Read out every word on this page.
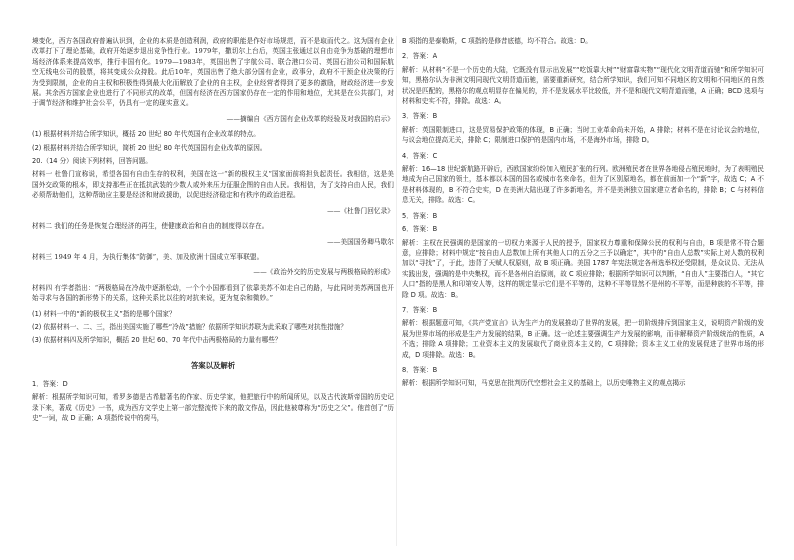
境变化，西方各国政府普遍认识到，企业的本质是创造利润，政府的职能是作好市场规范，而不是取而代之。这为国有企业改革打下了理论基础，政府开始逐步退出竞争性行业。1979年，撒切尔上台后，英国主张通过以自由竞争为基础的理想市场经济体系来提高效率，推行非国有化。1979—1983年，英国出售了宇航公司、联合港口公司、英国石油公司和国际航空无线电公司的股票，将其变成公众持股。此后10年，英国出售了绝大部分国有企业，政事分，政府不干预企业决策的行为受到限制，企业的自主权和积极性得到最大化而解放了企业的自主权，企业经营者得到了更多的激励，财政经济进一步发展。其余西方国家企业也进行了不同形式的改革，但国有经济在西方国家仍存在一定的作用和地位，尤其是在公共部门，对于调节经济和维护社会公平，仍具有一定的现实意义。

——摘编自《西方国有企业改革的经验及对我国的启示》

(1) 根据材料并结合所学知识，概括 20 世纪 80 年代英国有企业改革的特点。

(2) 根据材料并结合所学知识，简析 20 世纪 80 年代英国国有企业改革的原因。

20.（14 分）阅读下列材料，回答问题。

材料一 杜鲁门宣称说，希望各国有自由生存的权利，美国在这一“新的极权主义”国家面前将担负起责任。我相信，这是美国外交政策的根本，即支持那些正在抵抗武装的少数人或外来压力征服企图的自由人民。我相信，为了支持自由人民，我们必须帮助他们，这种帮助应主要是经济和财政援助，以促进经济稳定和有秩序的政治进程。

——《杜鲁门回忆录》

材料二 我们的任务是恢复合理经济的再生，使健康政治和自由的制度得以存在。

——美国国务卿马歇尔

材料三 1949 年 4 月，为执行集体“防御”，美、加及欧洲十国成立军事联盟。

——《政治外交的历史发展与两极格局的形成》

材料四 有学者指出：“两极格局在冷战中逐渐松动，一个个小国都看到了依靠美苏不如走自己的路，与此同时美苏两国也开始寻求与各国的新形势下的关系，这种关系比以往的对抗来说，更为复杂和微妙。”

(1) 材料一中的“新的极权主义”指的是哪个国家？

(2) 依据材料一、二、三，指出美国实施了哪些“冷战”措施？依据所学知识苏联为此采取了哪些对抗性措施？

(3) 依据材料四及所学知识，概括 20 世纪 60、70 年代中击两极格局的力量有哪些？

答案以及解析

1．答案：D

解析：根据所学知识可知，希罗多德是古希腊著名的作家、历史学家，他把旅行中的所闻所见，以及古代波斯帝国的历史记录下来，著成《历史》一书，成为西方文学史上第一部完整流传下来的散文作品，因此他被尊称为“历史之父”。他首创了“历史”一词，故 D 正确；A 项指传说中的荷马，

B 项指的是泰勒斯，C 项指的是修昔底德，均不符合。故选：D。

2．答案：A

解析：从材料“不是一个历史的大陆，它既没有显示出发展”“吃饭靠大树”“财富靠实物”“现代化文明背道而驰”和所学知识可知，黑格尔认为非洲文明同现代文明背道而驰，需要重新研究，结合所学知识，我们可知不同地区的文明和不同地区的自然状况是匹配的，黑格尔的观点明显存在偏见的，并不是发展水平比较低，并不是和现代文明背道而驰，A 正确；BCD 选项与材料和史实不符，排除。故选：A。

3．答案：B

解析：英国限制进口，这是贸易保护政策的体现，B 正确；当时工业革命尚未开始，A 排除；材料不是在讨论议会的地位，与议会地位提高无关，排除 C；限制进口保护的是国内市场，不是海外市场，排除 D。

4．答案：C

解析：16—18 世纪新航路开辟后，西欧国家纷纷加入殖民扩张的行列。欧洲殖民者在世界各地侵占殖民地时，为了表明殖民地成为自己国家的领土，基本都以本国的国名或城市名来命名，但为了区别原地名，都在前面加一个“新”字，故选 C；A 不是材料体现的，B 不符合史实，D 在美洲大陆出现了许多新地名，并不是美洲独立国家建立者命名的，排除 B；C 与材料信息无关，排除。故选：C。

5．答案：B

6．答案：B

解析：主权在民强调的是国家的一切权力来源于人民的授予，国家权力尊重和保障公民的权利与自由，B 项是常不符合题意，应排除；材料中规定“按自由人总数加上所有其他人口的五分之三予以确定”，其中的“自由人总数”实际上对人数的权利加以“寻找”了，于此，违背了天赋人权原则，故 B 项正确。美国 1787 年宪法规定各州选举权还受限制，是众议员、无法从实践出发，强调的是中央集权，而不是各州自治原则，故 C 项应排除；根据所学知识可以判断，“自由人”主要指白人，“其它人口”指的是黑人和印第安人等，这样的规定显示它们是不平等的，这种不平等显然不是州的不平等，而是种族的不平等，排除 D 项。故选：B。

7．答案：B

解析：根据题意可知，《共产党宣言》认为生产力的发展推动了世界的发展，把一切阶级排斥到国家主义，说明资产阶级的发展为世界市场的形成是生产力发展的结果，B 正确。这一论述主要强调生产力发展的影响，而非解释资产阶级统治的性质，A 不选；排除 A 项排除；工业资本主义的发展取代了商业资本主义的，C 项排除；资本主义工业的发展促进了世界市场的形成，D 项排除。故选：B。

8．答案：B

解析：根据所学知识可知，马克思在批判历代空想社会主义的基础上，以历史唯物主义的观点揭示
